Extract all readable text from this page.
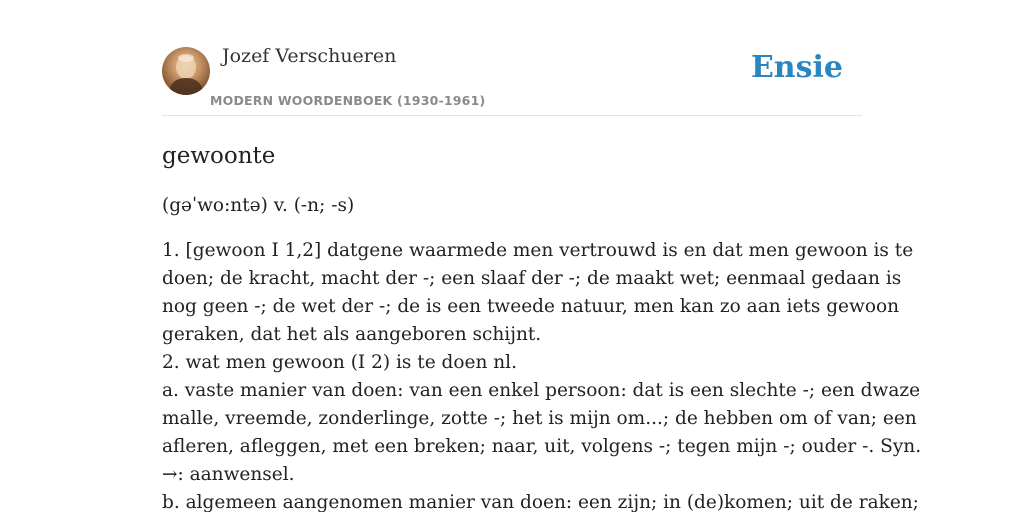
Jozef Verschueren
MODERN WOORDENBOEK (1930-1961)
Ensie
gewoonte
(gəˈwo:ntə) v. (-n; -s)
1. [gewoon I 1,2] datgene waarmede men vertrouwd is en dat men gewoon is te
doen; de kracht, macht der -; een slaaf der -; de maakt wet; eenmaal gedaan is
nog geen -; de wet der -; de is een tweede natuur, men kan zo aan iets gewoon
geraken, dat het als aangeboren schijnt.
2. wat men gewoon (I 2) is te doen nl.
a. vaste manier van doen: van een enkel persoon: dat is een slechte -; een dwaze
malle, vreemde, zonderlinge, zotte -; het is mijn om...; de hebben om of van; een
afleren, afleggen, met een breken; naar, uit, volgens -; tegen mijn -; ouder -. Syn.
→: aanwensel.
b. algemeen aangenomen manier van doen: een zijn; in (de)komen; uit de raken;
